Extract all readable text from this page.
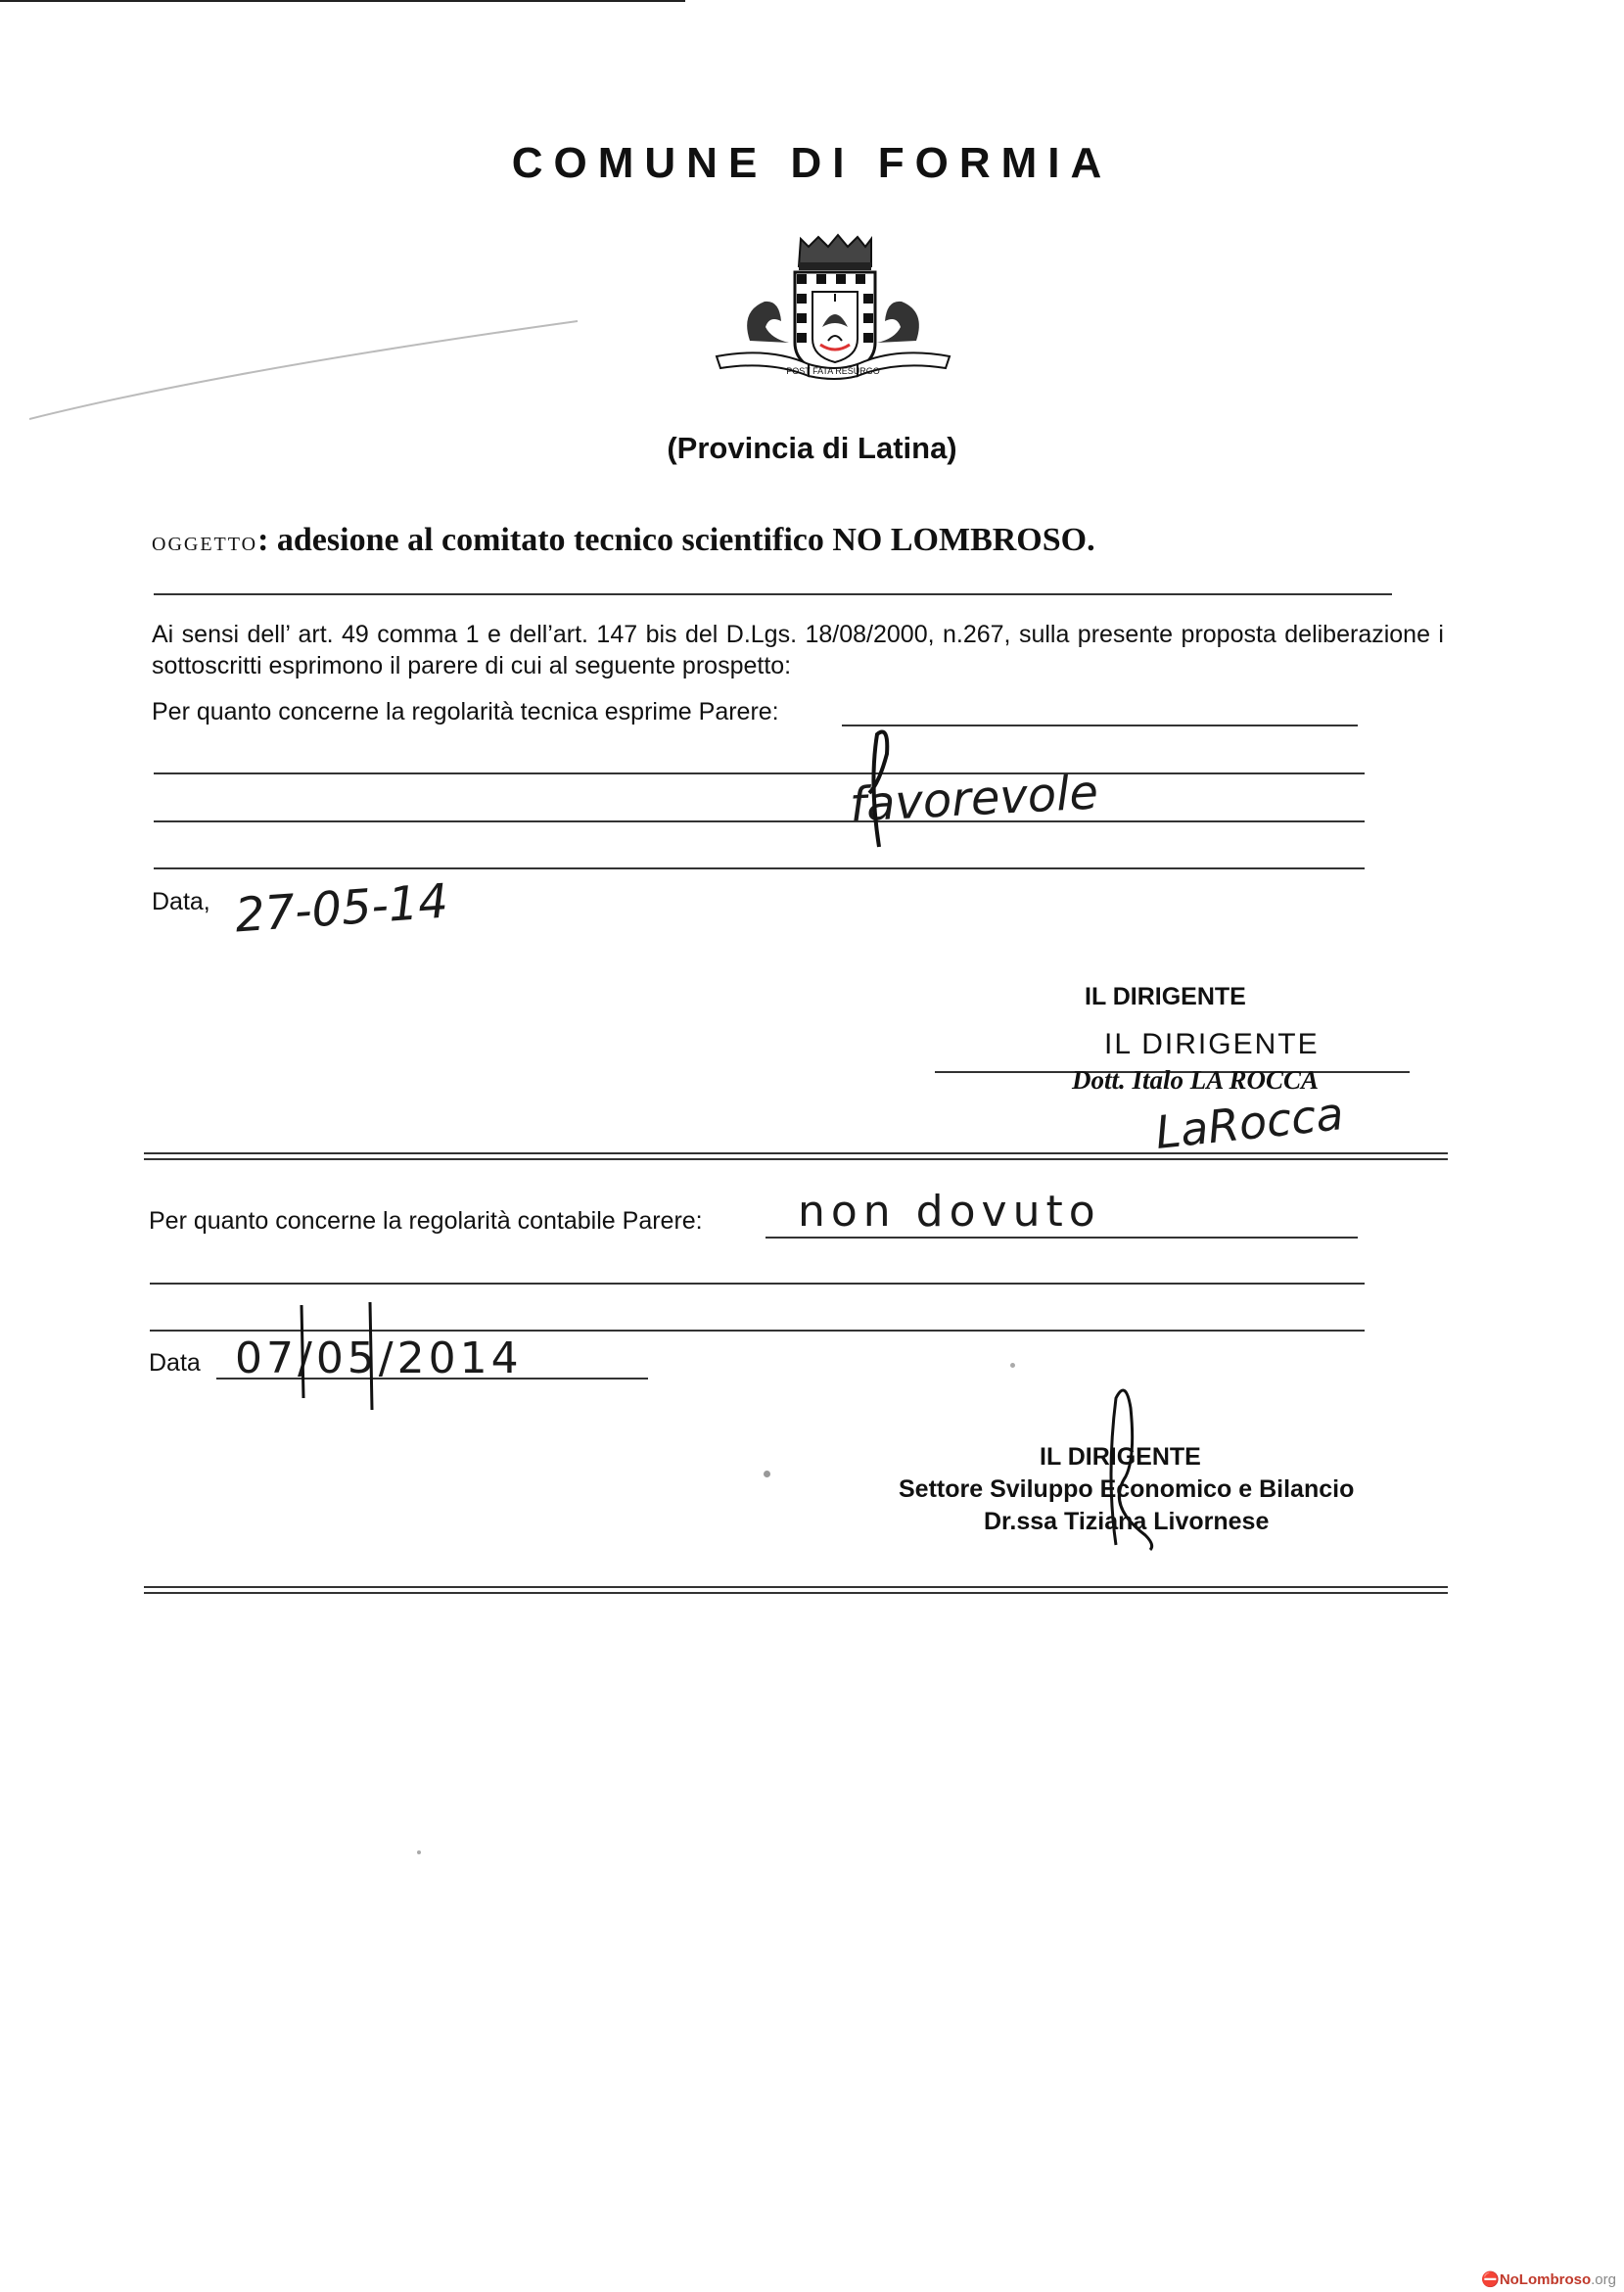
COMUNE DI FORMIA
POST FATA RESURGO
(Provincia di Latina)
OGGETTO: adesione al comitato tecnico scientifico NO LOMBROSO.
Ai sensi dell’ art. 49 comma 1 e dell’art. 147 bis del D.Lgs. 18/08/2000, n.267, sulla presente proposta deliberazione i sottoscritti esprimono il parere di cui al seguente prospetto:
Per quanto concerne la regolarità tecnica esprime Parere:
favorevole
Data, 27-05-14
IL DIRIGENTE
IL DIRIGENTE
Dott. Italo LA ROCCA
LaRocca
Per quanto concerne la regolarità contabile Parere: non dovuto
Data 07/05/2014
IL DIRIGENTE
Settore Sviluppo Economico e Bilancio
Dr.ssa Tiziana Livornese
⛔NoLombroso.org
